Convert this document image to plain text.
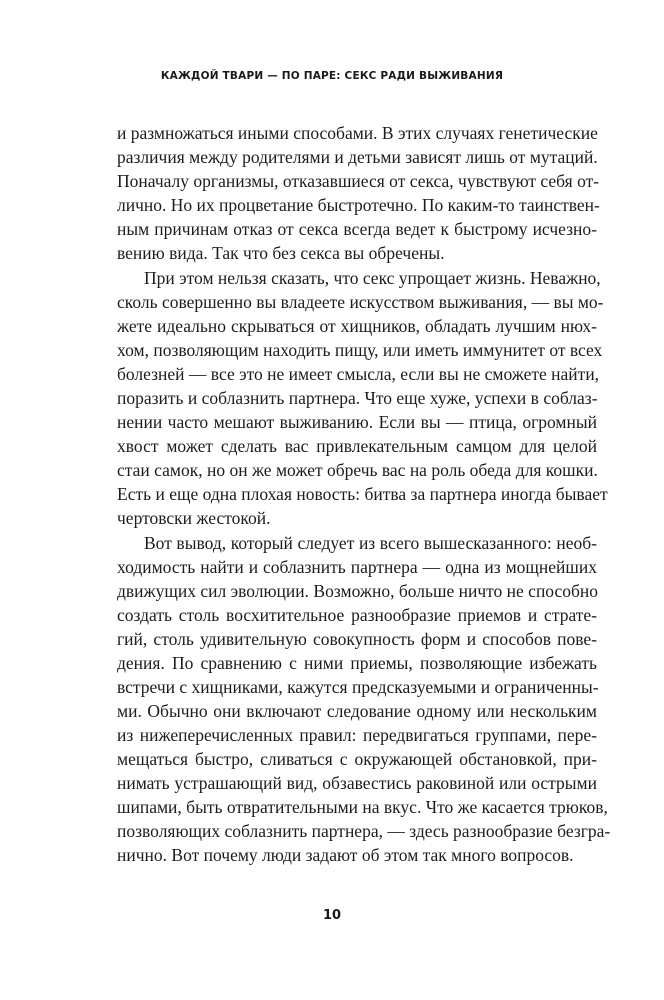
КАЖДОЙ ТВАРИ — ПО ПАРЕ: СЕКС РАДИ ВЫЖИВАНИЯ
и размножаться иными способами. В этих случаях генетические
различия между родителями и детьми зависят лишь от мутаций.
Поначалу организмы, отказавшиеся от секса, чувствуют себя от-
лично. Но их процветание быстротечно. По каким-то таинствен-
ным причинам отказ от секса всегда ведет к быстрому исчезно-
вению вида. Так что без секса вы обречены.
При этом нельзя сказать, что секс упрощает жизнь. Неважно,
сколь совершенно вы владеете искусством выживания, — вы мо-
жете идеально скрываться от хищников, обладать лучшим нюх-
хом, позволяющим находить пищу, или иметь иммунитет от всех
болезней — все это не имеет смысла, если вы не сможете найти,
поразить и соблазнить партнера. Что еще хуже, успехи в соблаз-
нении часто мешают выживанию. Если вы — птица, огромный
хвост может сделать вас привлекательным самцом для целой
стаи самок, но он же может обречь вас на роль обеда для кошки.
Есть и еще одна плохая новость: битва за партнера иногда бывает
чертовски жестокой.
Вот вывод, который следует из всего вышесказанного: необ-
ходимость найти и соблазнить партнера — одна из мощнейших
движущих сил эволюции. Возможно, больше ничто не способно
создать столь восхитительное разнообразие приемов и страте-
гий, столь удивительную совокупность форм и способов пове-
дения. По сравнению с ними приемы, позволяющие избежать
встречи с хищниками, кажутся предсказуемыми и ограниченны-
ми. Обычно они включают следование одному или нескольким
из нижеперечисленных правил: передвигаться группами, пере-
мещаться быстро, сливаться с окружающей обстановкой, при-
нимать устрашающий вид, обзавестись раковиной или острыми
шипами, быть отвратительными на вкус. Что же касается трюков,
позволяющих соблазнить партнера, — здесь разнообразие безгра-
нично. Вот почему люди задают об этом так много вопросов.
10
